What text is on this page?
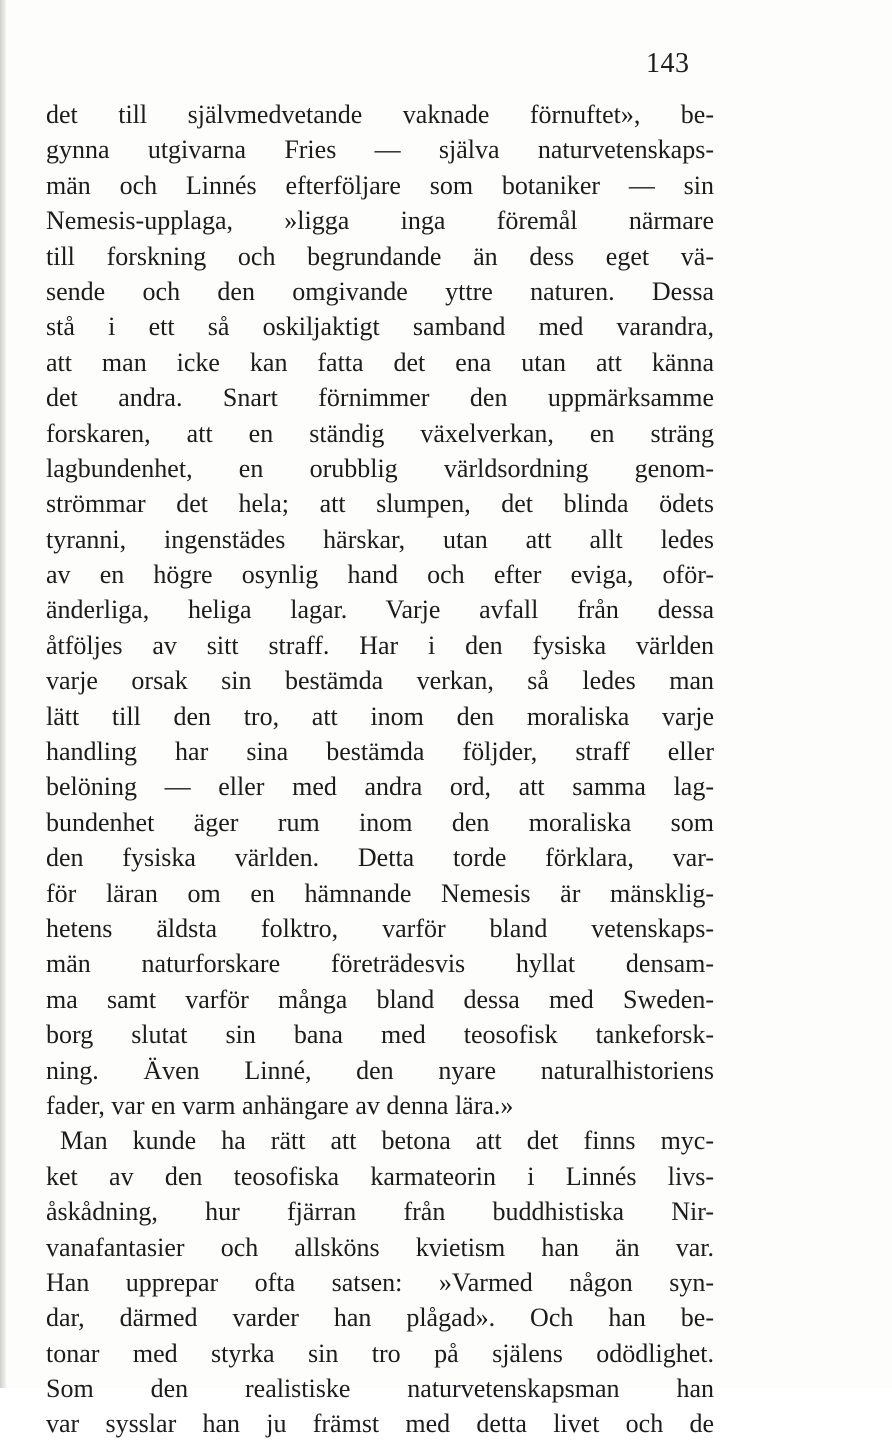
143
det till självmedvetande vaknade förnuftet», be-
gynna utgivarna Fries — själva naturvetenskaps-
män och Linnés efterföljare som botaniker — sin
Nemesis-upplaga, »ligga inga föremål närmare
till forskning och begrundande än dess eget vä-
sende och den omgivande yttre naturen. Dessa
stå i ett så oskiljaktigt samband med varandra,
att man icke kan fatta det ena utan att känna
det andra. Snart förnimmer den uppmärksamme
forskaren, att en ständig växelverkan, en sträng
lagbundenhet, en orubblig världsordning genom-
strömmar det hela; att slumpen, det blinda ödets
tyranni, ingenstädes härskar, utan att allt ledes
av en högre osynlig hand och efter eviga, oför-
änderliga, heliga lagar. Varje avfall från dessa
åtföljes av sitt straff. Har i den fysiska världen
varje orsak sin bestämda verkan, så ledes man
lätt till den tro, att inom den moraliska varje
handling har sina bestämda följder, straff eller
belöning — eller med andra ord, att samma lag-
bundenhet äger rum inom den moraliska som
den fysiska världen. Detta torde förklara, var-
för läran om en hämnande Nemesis är mänsklig-
hetens äldsta folktro, varför bland vetenskaps-
män naturforskare företrädesvis hyllat densam-
ma samt varför många bland dessa med Sweden-
borg slutat sin bana med teosofisk tankeforsk-
ning. Även Linné, den nyare naturalhistoriens
fader, var en varm anhängare av denna lära.»
Man kunde ha rätt att betona att det finns myc-
ket av den teosofiska karmateorin i Linnés livs-
åskådning, hur fjärran från buddhistiska Nir-
vanafantasier och allsköns kvietism han än var.
Han upprepar ofta satsen: »Varmed någon syn-
dar, därmed varder han plågad». Och han be-
tonar med styrka sin tro på själens odödlighet.
Som den realistiske naturvetenskapsman han
var sysslar han ju främst med detta livet och de
